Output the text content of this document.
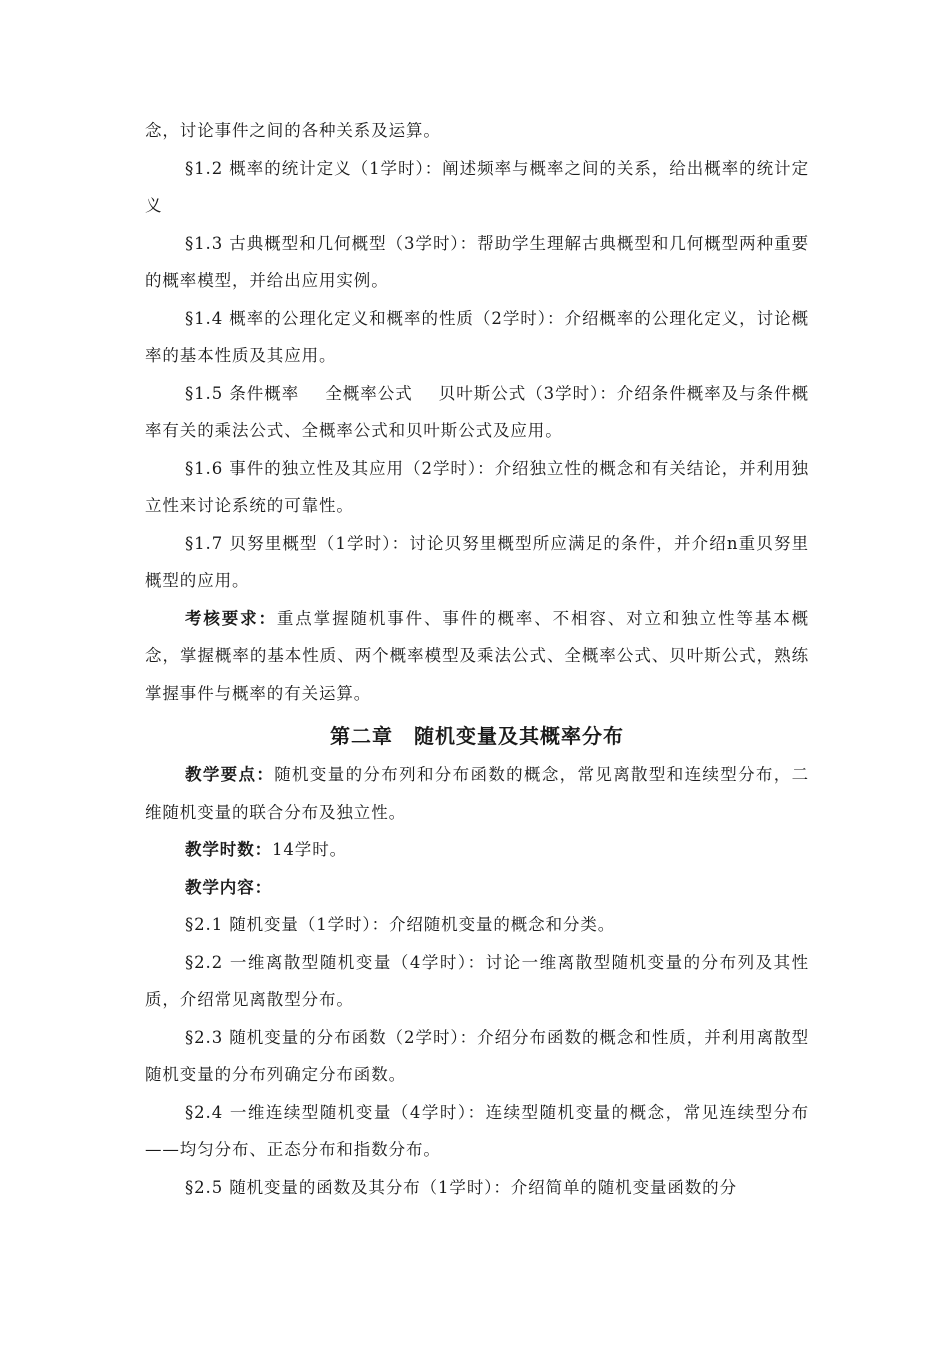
念，讨论事件之间的各种关系及运算。

§1.2 概率的统计定义（1学时）：阐述频率与概率之间的关系，给出概率的统计定义

§1.3 古典概型和几何概型（3学时）：帮助学生理解古典概型和几何概型两种重要的概率模型，并给出应用实例。

§1.4 概率的公理化定义和概率的性质（2学时）：介绍概率的公理化定义，讨论概率的基本性质及其应用。

§1.5 条件概率 全概率公式 贝叶斯公式（3学时）：介绍条件概率及与条件概率有关的乘法公式、全概率公式和贝叶斯公式及应用。

§1.6 事件的独立性及其应用（2学时）：介绍独立性的概念和有关结论，并利用独立性来讨论系统的可靠性。

§1.7 贝努里概型（1学时）：讨论贝努里概型所应满足的条件，并介绍n重贝努里概型的应用。

考核要求：重点掌握随机事件、事件的概率、不相容、对立和独立性等基本概念，掌握概率的基本性质、两个概率模型及乘法公式、全概率公式、贝叶斯公式，熟练掌握事件与概率的有关运算。

第二章　随机变量及其概率分布

教学要点：随机变量的分布列和分布函数的概念，常见离散型和连续型分布，二维随机变量的联合分布及独立性。

教学时数：14学时。

教学内容：

§2.1 随机变量（1学时）：介绍随机变量的概念和分类。

§2.2 一维离散型随机变量（4学时）：讨论一维离散型随机变量的分布列及其性质，介绍常见离散型分布。

§2.3 随机变量的分布函数（2学时）：介绍分布函数的概念和性质，并利用离散型随机变量的分布列确定分布函数。

§2.4 一维连续型随机变量（4学时）：连续型随机变量的概念，常见连续型分布——均匀分布、正态分布和指数分布。

§2.5 随机变量的函数及其分布（1学时）：介绍简单的随机变量函数的分
